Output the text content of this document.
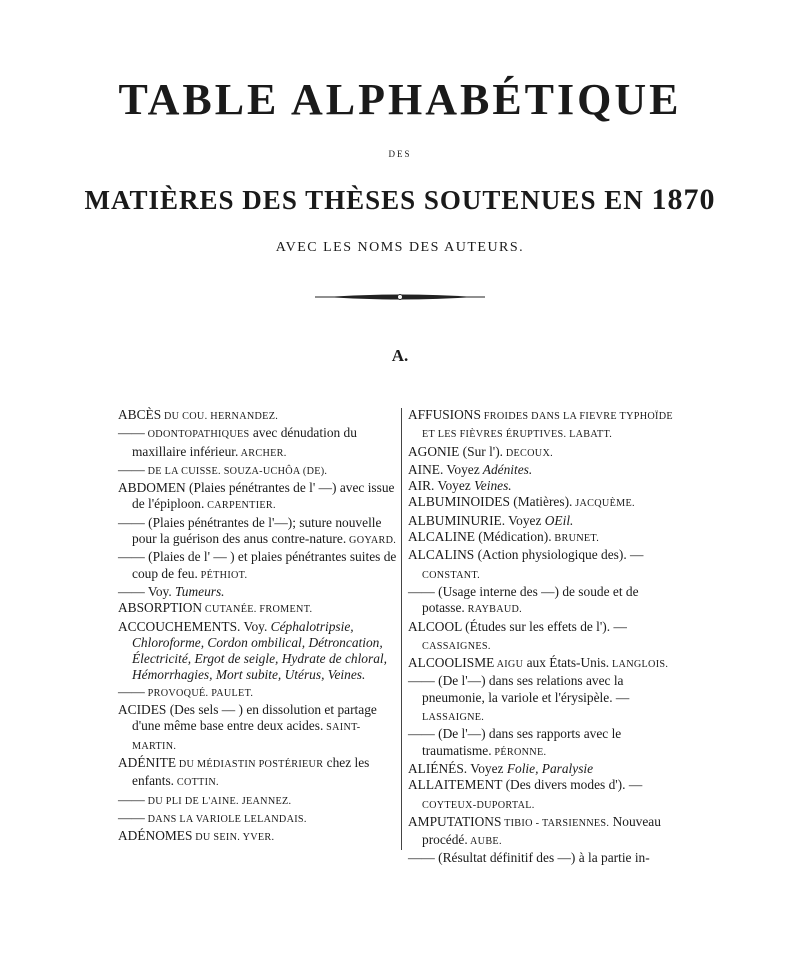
TABLE ALPHABÉTIQUE
DES
MATIÈRES DES THÈSES SOUTENUES EN 1870
AVEC LES NOMS DES AUTEURS.
A.

ABCÈS DU COU. HERNANDEZ.

—— ODONTOPATHIQUES avec dénudation du maxillaire inférieur. ARCHER.

—— DE LA CUISSE. SOUZA-UCHÔA (DE).

ABDOMEN (Plaies pénétrantes de l' —) avec issue de l'épiploon. CARPENTIER.

—— (Plaies pénétrantes de l'—); suture nouvelle pour la guérison des anus contre-nature. GOYARD.

—— (Plaies de l' — ) et plaies pénétrantes suites de coup de feu. PÉTHIOT.

—— Voy. Tumeurs.

ABSORPTION CUTANÉE. FROMENT.

ACCOUCHEMENTS. Voy. Céphalotripsie, Chloroforme, Cordon ombilical, Détroncation, Électricité, Ergot de seigle, Hydrate de chloral, Hémorrhagies, Mort subite, Utérus, Veines.

—— PROVOQUÉ. PAULET.

ACIDES (Des sels — ) en dissolution et partage d'une même base entre deux acides. SAINT-MARTIN.

ADÉNITE DU MÉDIASTIN POSTÉRIEUR chez les enfants. COTTIN.

—— DU PLI DE L'AINE. JEANNEZ.

—— DANS LA VARIOLE LELANDAIS.

ADÉNOMES DU SEIN. YVER.

AFFUSIONS FROIDES DANS LA FIEVRE TYPHOÏDE ET LES FIÈVRES ÉRUPTIVES. LABATT.

AGONIE (Sur l'). DECOUX.

AINE. Voyez Adénites.

AIR. Voyez Veines.

ALBUMINOIDES (Matières). JACQUÈME.

ALBUMINURIE. Voyez OEil.

ALCALINE (Médication). BRUNET.

ALCALINS (Action physiologique des). — CONSTANT.

—— (Usage interne des —) de soude et de potasse. RAYBAUD.

ALCOOL (Études sur les effets de l'). — CASSAIGNES.

ALCOOLISME AIGU aux États-Unis. LANGLOIS.

—— (De l'—) dans ses relations avec la pneumonie, la variole et l'érysipèle. — LASSAIGNE.

—— (De l'—) dans ses rapports avec le traumatisme. PÉRONNE.

ALIÉNÉS. Voyez Folie, Paralysie

ALLAITEMENT (Des divers modes d'). — COYTEUX-DUPORTAL.

AMPUTATIONS TIBIO - TARSIENNES. Nouveau procédé. AUBE.

—— (Résultat définitif des —) à la partie in-
